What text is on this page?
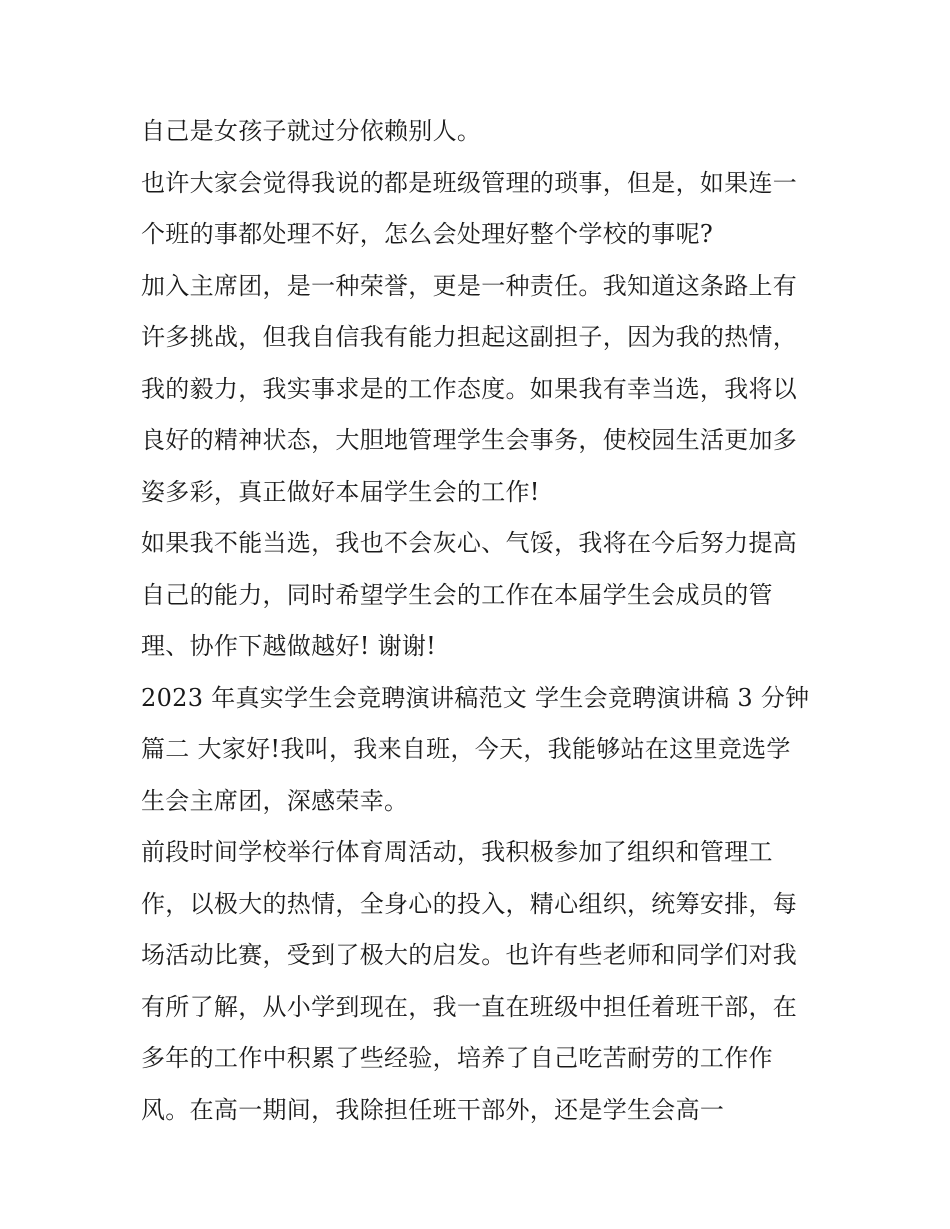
自己是女孩子就过分依赖别人。
也许大家会觉得我说的都是班级管理的琐事，但是，如果连一
个班的事都处理不好，怎么会处理好整个学校的事呢?
加入主席团，是一种荣誉，更是一种责任。我知道这条路上有
许多挑战，但我自信我有能力担起这副担子，因为我的热情，
我的毅力，我实事求是的工作态度。如果我有幸当选，我将以
良好的精神状态，大胆地管理学生会事务，使校园生活更加多
姿多彩，真正做好本届学生会的工作!
如果我不能当选，我也不会灰心、气馁，我将在今后努力提高
自己的能力，同时希望学生会的工作在本届学生会成员的管
理、协作下越做越好! 谢谢!
2023 年真实学生会竞聘演讲稿范文 学生会竞聘演讲稿 3 分钟
篇二 大家好!我叫，我来自班，今天，我能够站在这里竞选学
生会主席团，深感荣幸。
前段时间学校举行体育周活动，我积极参加了组织和管理工
作，以极大的热情，全身心的投入，精心组织，统筹安排，每
场活动比赛，受到了极大的启发。也许有些老师和同学们对我
有所了解，从小学到现在，我一直在班级中担任着班干部，在
多年的工作中积累了些经验，培养了自己吃苦耐劳的工作作
风。在高一期间，我除担任班干部外，还是学生会高一
